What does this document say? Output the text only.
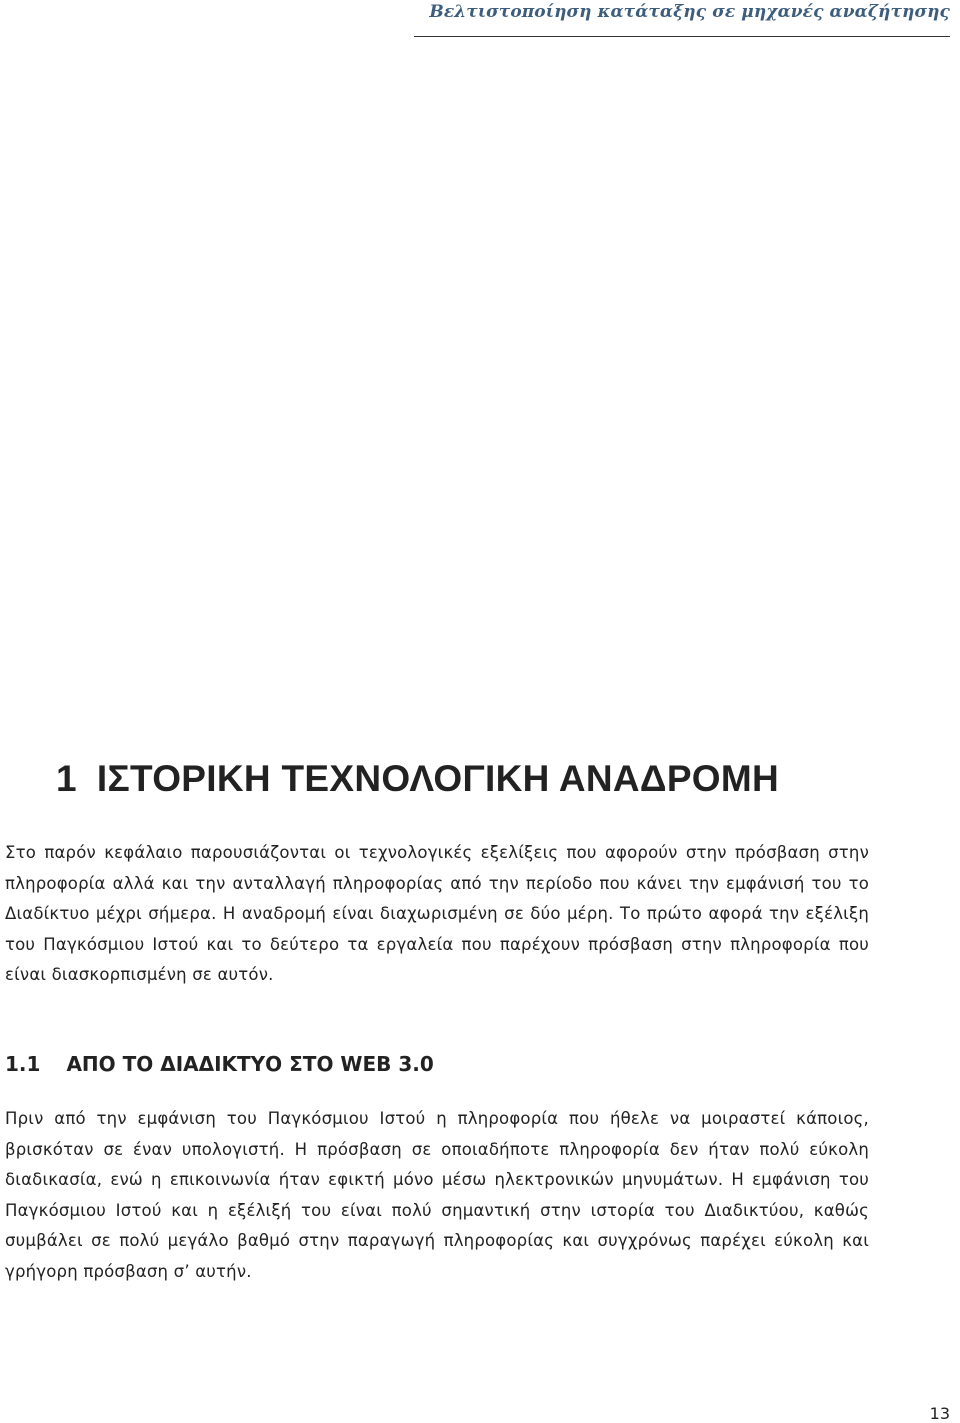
Βελτιστοποίηση κατάταξης σε μηχανές αναζήτησης
1 ΙΣΤΟΡΙΚΗ ΤΕΧΝΟΛΟΓΙΚΗ ΑΝΑΔΡΟΜΗ

Στο παρόν κεφάλαιο παρουσιάζονται οι τεχνολογικές εξελίξεις που αφορούν στην πρόσβαση στην πληροφορία αλλά και την ανταλλαγή πληροφορίας από την περίοδο που κάνει την εμφάνισή του το Διαδίκτυο μέχρι σήμερα. Η αναδρομή είναι διαχωρισμένη σε δύο μέρη. Το πρώτο αφορά την εξέλιξη του Παγκόσμιου Ιστού και το δεύτερο τα εργαλεία που παρέχουν πρόσβαση στην πληροφορία που είναι διασκορπισμένη σε αυτόν.

1.1 ΑΠΟ ΤΟ ΔΙΑΔΙΚΤΥΟ ΣΤΟ WEB 3.0

Πριν από την εμφάνιση του Παγκόσμιου Ιστού η πληροφορία που ήθελε να μοιραστεί κάποιος, βρισκόταν σε έναν υπολογιστή. Η πρόσβαση σε οποιαδήποτε πληροφορία δεν ήταν πολύ εύκολη διαδικασία, ενώ η επικοινωνία ήταν εφικτή μόνο μέσω ηλεκτρονικών μηνυμάτων. Η εμφάνιση του Παγκόσμιου Ιστού και η εξέλιξή του είναι πολύ σημαντική στην ιστορία του Διαδικτύου, καθώς συμβάλει σε πολύ μεγάλο βαθμό στην παραγωγή πληροφορίας και συγχρόνως παρέχει εύκολη και γρήγορη πρόσβαση σ’ αυτήν.

13
